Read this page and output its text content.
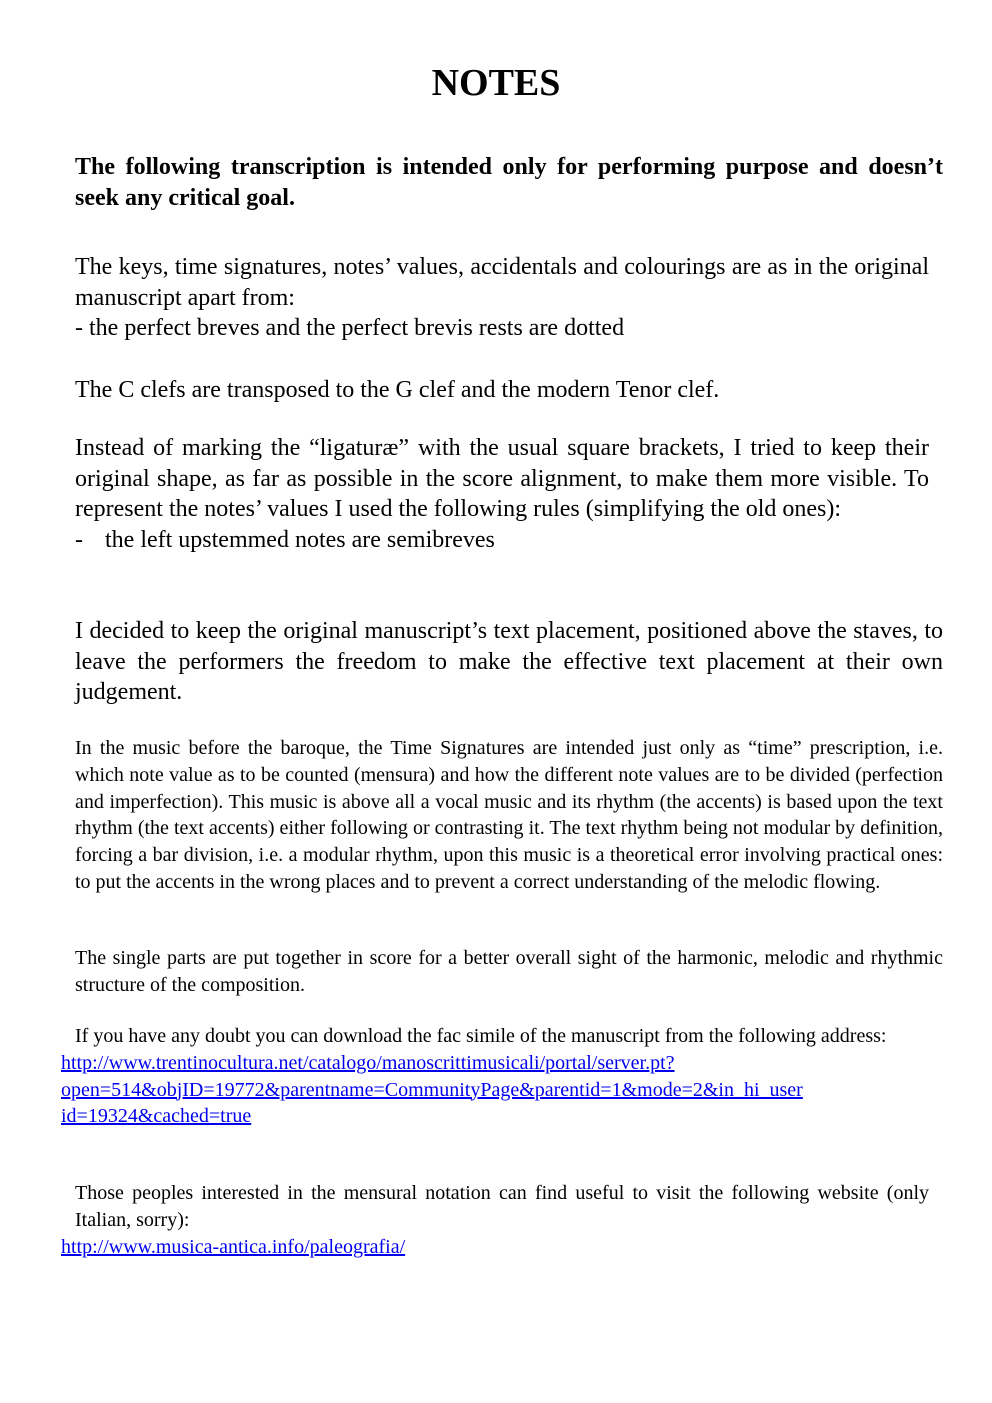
NOTES

The following transcription is intended only for performing purpose and doesn’t seek any critical goal.

The keys, time signatures, notes’ values, accidentals and colourings are as in the original manuscript apart from:
- the perfect breves and the perfect brevis rests are dotted

The C clefs are transposed to the G clef and the modern Tenor clef.

Instead of marking the “ligaturæ” with the usual square brackets, I tried to keep their original shape, as far as possible in the score alignment, to make them more visible. To represent the notes’ values I used the following rules (simplifying the old ones):
- the left upstemmed notes are semibreves

I decided to keep the original manuscript’s text placement, positioned above the staves, to leave the performers the freedom to make the effective text placement at their own judgement.

In the music before the baroque, the Time Signatures are intended just only as “time” prescription, i.e. which note value as to be counted (mensura) and how the different note values are to be divided (perfection and imperfection). This music is above all a vocal music and its rhythm (the accents) is based upon the text rhythm (the text accents) either following or contrasting it. The text rhythm being not modular by definition, forcing a bar division, i.e. a modular rhythm, upon this music is a theoretical error involving practical ones: to put the accents in the wrong places and to prevent a correct understanding of the melodic flowing.

The single parts are put together in score for a better overall sight of the harmonic, melodic and rhythmic structure of the composition.

If you have any doubt you can download the fac simile of the manuscript from the following address:
http://www.trentinocultura.net/catalogo/manoscrittimusicali/portal/server.pt?
open=514&objID=19772&parentname=CommunityPage&parentid=1&mode=2&in_hi_user
id=19324&cached=true
Those peoples interested in the mensural notation can find useful to visit the following website (only Italian, sorry):
http://www.musica-antica.info/paleografia/
